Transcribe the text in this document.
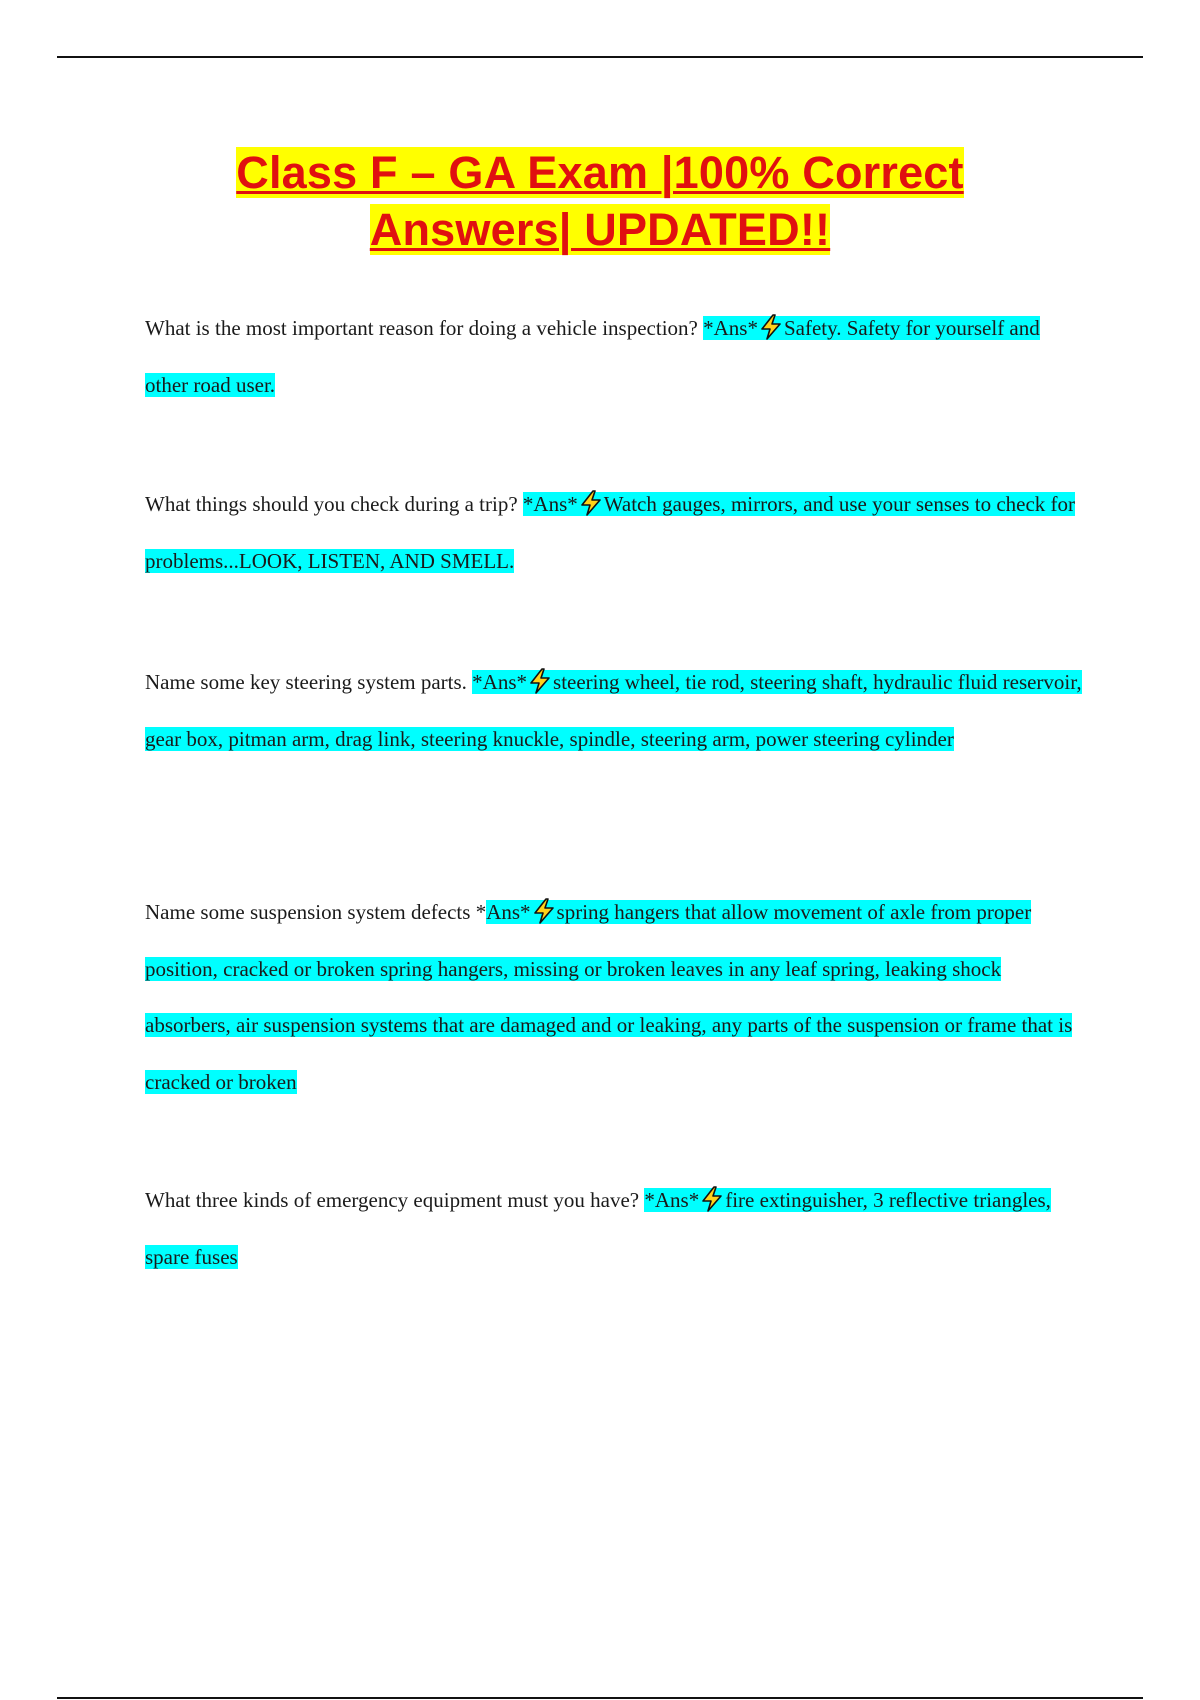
Class F – GA Exam |100% Correct
Answers| UPDATED!!
What is the most important reason for doing a vehicle inspection? *Ans* Safety. Safety for yourself and other road user.
What things should you check during a trip? *Ans* Watch gauges, mirrors, and use your senses to check for problems...LOOK, LISTEN, AND SMELL.
Name some key steering system parts. *Ans* steering wheel, tie rod, steering shaft, hydraulic fluid reservoir, gear box, pitman arm, drag link, steering knuckle, spindle, steering arm, power steering cylinder
Name some suspension system defects *Ans* spring hangers that allow movement of axle from proper position, cracked or broken spring hangers, missing or broken leaves in any leaf spring, leaking shock absorbers, air suspension systems that are damaged and or leaking, any parts of the suspension or frame that is cracked or broken
What three kinds of emergency equipment must you have? *Ans* fire extinguisher, 3 reflective triangles, spare fuses
